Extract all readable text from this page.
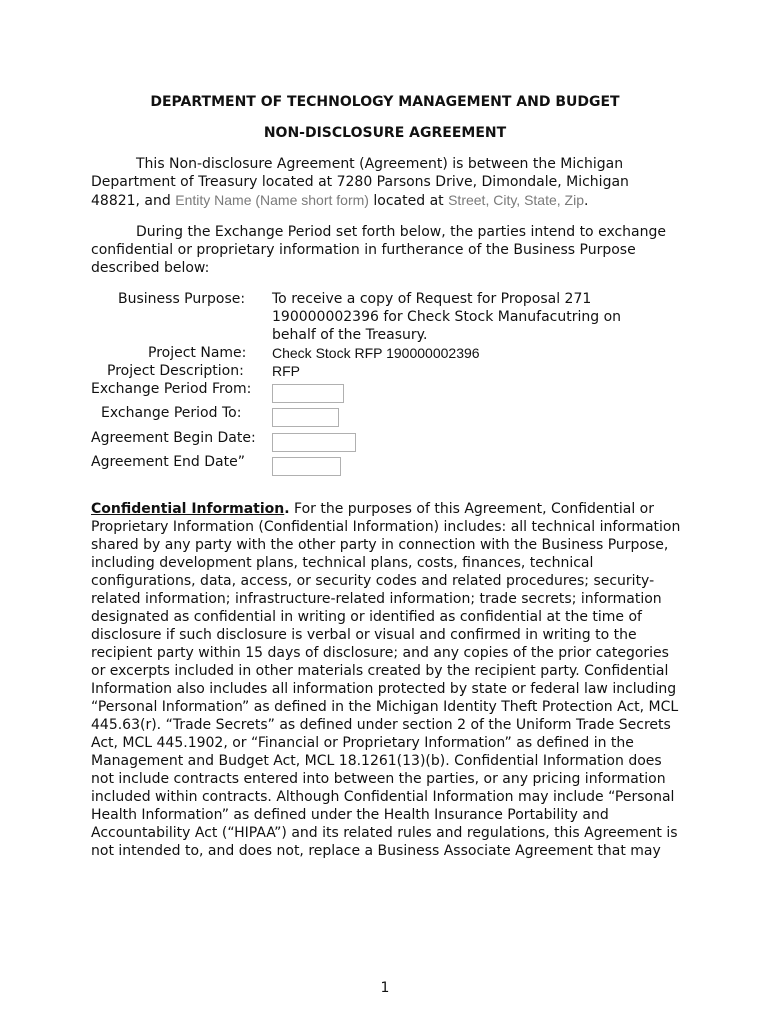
DEPARTMENT OF TECHNOLOGY MANAGEMENT AND BUDGET
NON-DISCLOSURE AGREEMENT
This Non-disclosure Agreement (Agreement) is between the Michigan Department of Treasury located at 7280 Parsons Drive, Dimondale, Michigan 48821, and Entity Name (Name short form) located at Street, City, State, Zip.
During the Exchange Period set forth below, the parties intend to exchange confidential or proprietary information in furtherance of the Business Purpose described below:
Business Purpose: To receive a copy of Request for Proposal 271 190000002396 for Check Stock Manufacutring on behalf of the Treasury.
Project Name: Check Stock RFP 190000002396
Project Description: RFP
Exchange Period From:
Exchange Period To:
Agreement Begin Date:
Agreement End Date”
Confidential Information. For the purposes of this Agreement, Confidential or Proprietary Information (Confidential Information) includes: all technical information shared by any party with the other party in connection with the Business Purpose, including development plans, technical plans, costs, finances, technical configurations, data, access, or security codes and related procedures; security-related information; infrastructure-related information; trade secrets; information designated as confidential in writing or identified as confidential at the time of disclosure if such disclosure is verbal or visual and confirmed in writing to the recipient party within 15 days of disclosure; and any copies of the prior categories or excerpts included in other materials created by the recipient party. Confidential Information also includes all information protected by state or federal law including “Personal Information” as defined in the Michigan Identity Theft Protection Act, MCL 445.63(r). “Trade Secrets” as defined under section 2 of the Uniform Trade Secrets Act, MCL 445.1902, or “Financial or Proprietary Information” as defined in the Management and Budget Act, MCL 18.1261(13)(b). Confidential Information does not include contracts entered into between the parties, or any pricing information included within contracts. Although Confidential Information may include “Personal Health Information” as defined under the Health Insurance Portability and Accountability Act (“HIPAA”) and its related rules and regulations, this Agreement is not intended to, and does not, replace a Business Associate Agreement that may
1
